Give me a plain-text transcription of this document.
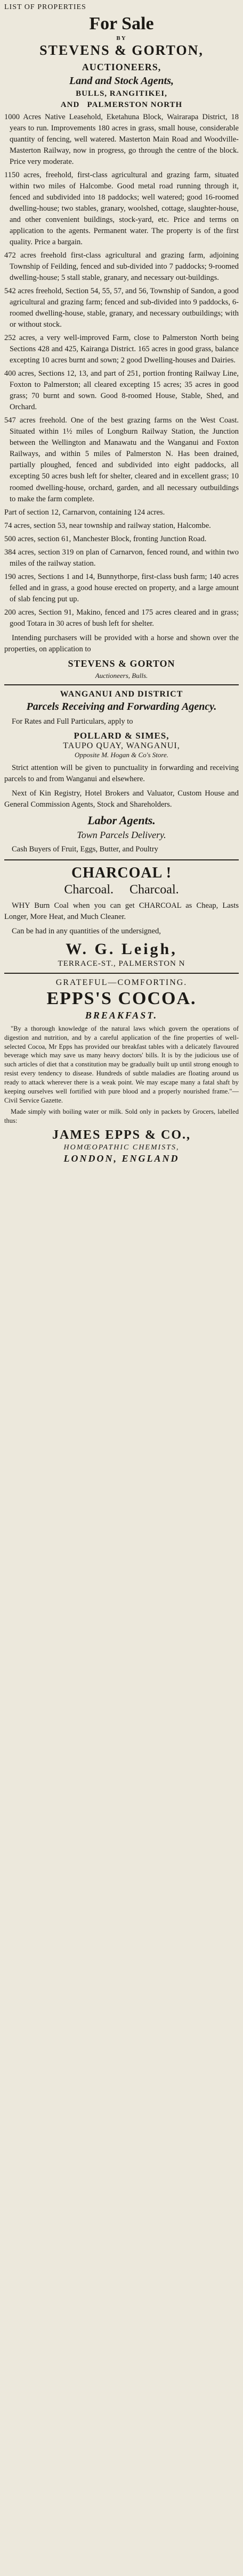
LIST OF PROPERTIES
For Sale
BY
STEVENS & GORTON,
AUCTIONEERS,
Land and Stock Agents,
BULLS, RANGITIKEI,
AND PALMERSTON NORTH

1000 Acres Native Leasehold, Eketahuna Block, Wairarapa District, 18 years to run. Improvements 180 acres in grass, small house, considerable quantity of fencing, well watered. Masterton Main Road and Woodville-Masterton Railway, now in progress, go through the centre of the block. Price very moderate.

1150 acres, freehold, first-class agricultural and grazing farm, situated within two miles of Halcombe. Good metal road running through it, fenced and subdivided into 18 paddocks; well watered; good 16-roomed dwelling-house; two stables, granary, woolshed, cottage, slaughter-house, and other convenient buildings, stock-yard, etc. Price and terms on application to the agents. Permanent water. The property is of the first quality. Price a bargain.

472 acres freehold first-class agricultural and grazing farm, adjoining Township of Feilding, fenced and sub-divided into 7 paddocks; 9-roomed dwelling-house; 5 stall stable, granary, and necessary out-buildings.

542 acres freehold, Section 54, 55, 57, and 56, Township of Sandon, a good agricultural and grazing farm; fenced and sub-divided into 9 paddocks, 6-roomed dwelling-house, stable, granary, and necessary outbuildings; with or without stock.

252 acres, a very well-improved Farm, close to Palmerston North being Sections 428 and 425, Kairanga District. 165 acres in good grass, balance excepting 10 acres burnt and sown; 2 good Dwelling-houses and Dairies.

400 acres, Sections 12, 13, and part of 251, portion fronting Railway Line, Foxton to Palmerston; all cleared excepting 15 acres; 35 acres in good grass; 70 burnt and sown. Good 8-roomed House, Stable, Shed, and Orchard.

547 acres freehold. One of the best grazing farms on the West Coast. Situated within 1½ miles of Longburn Railway Station, the Junction between the Wellington and Manawatu and the Wanganui and Foxton Railways, and within 5 miles of Palmerston N. Has been drained, partially ploughed, fenced and subdivided into eight paddocks, all excepting 50 acres bush left for shelter, cleared and in excellent grass; 10 roomed dwelling-house, orchard, garden, and all necessary outbuildings to make the farm complete.

Part of section 12, Carnarvon, containing 124 acres.

74 acres, section 53, near township and railway station, Halcombe.

500 acres, section 61, Manchester Block, fronting Junction Road.

384 acres, section 319 on plan of Carnarvon, fenced round, and within two miles of the railway station.

190 acres, Sections 1 and 14, Bunnythorpe, first-class bush farm; 140 acres felled and in grass, a good house erected on property, and a large amount of slab fencing put up.

200 acres, Section 91, Makino, fenced and 175 acres cleared and in grass; good Totara in 30 acres of bush left for shelter.

Intending purchasers will be provided with a horse and shown over the properties, on application to

STEVENS & GORTON
Auctioneers, Bulls.
WANGANUI AND DISTRICT
Parcels Receiving and Forwarding Agency.

For Rates and Full Particulars, apply to

POLLARD & SIMES,
TAUPO QUAY, WANGANUI,
Opposite M. Hogan & Co's Store.

Strict attention will be given to punctuality in forwarding and receiving parcels to and from Wanganui and elsewhere.

Next of Kin Registry, Hotel Brokers and Valuator, Custom House and General Commission Agents, Stock and Shareholders.

Labor Agents.
Town Parcels Delivery.

Cash Buyers of Fruit, Eggs, Butter, and Poultry

CHARCOAL !
Charcoal. Charcoal.

WHY Burn Coal when you can get CHARCOAL as Cheap, Lasts Longer, More Heat, and Much Cleaner.

Can be had in any quantities of the undersigned,

W. G. Leigh,
TERRACE-ST., PALMERSTON N
GRATEFUL—COMFORTING.
EPPS'S COCOA.
BREAKFAST.

"By a thorough knowledge of the natural laws which govern the operations of digestion and nutrition, and by a careful application of the fine properties of well-selected Cocoa, Mr Epps has provided our breakfast tables with a delicately flavoured beverage which may save us many heavy doctors' bills. It is by the judicious use of such articles of diet that a constitution may be gradually built up until strong enough to resist every tendency to disease. Hundreds of subtle maladies are floating around us ready to attack wherever there is a weak point. We may escape many a fatal shaft by keeping ourselves well fortified with pure blood and a properly nourished frame."—Civil Service Gazette.

Made simply with boiling water or milk. Sold only in packets by Grocers, labelled thus:

JAMES EPPS & CO.,
HOMŒOPATHIC CHEMISTS,
LONDON, ENGLAND
